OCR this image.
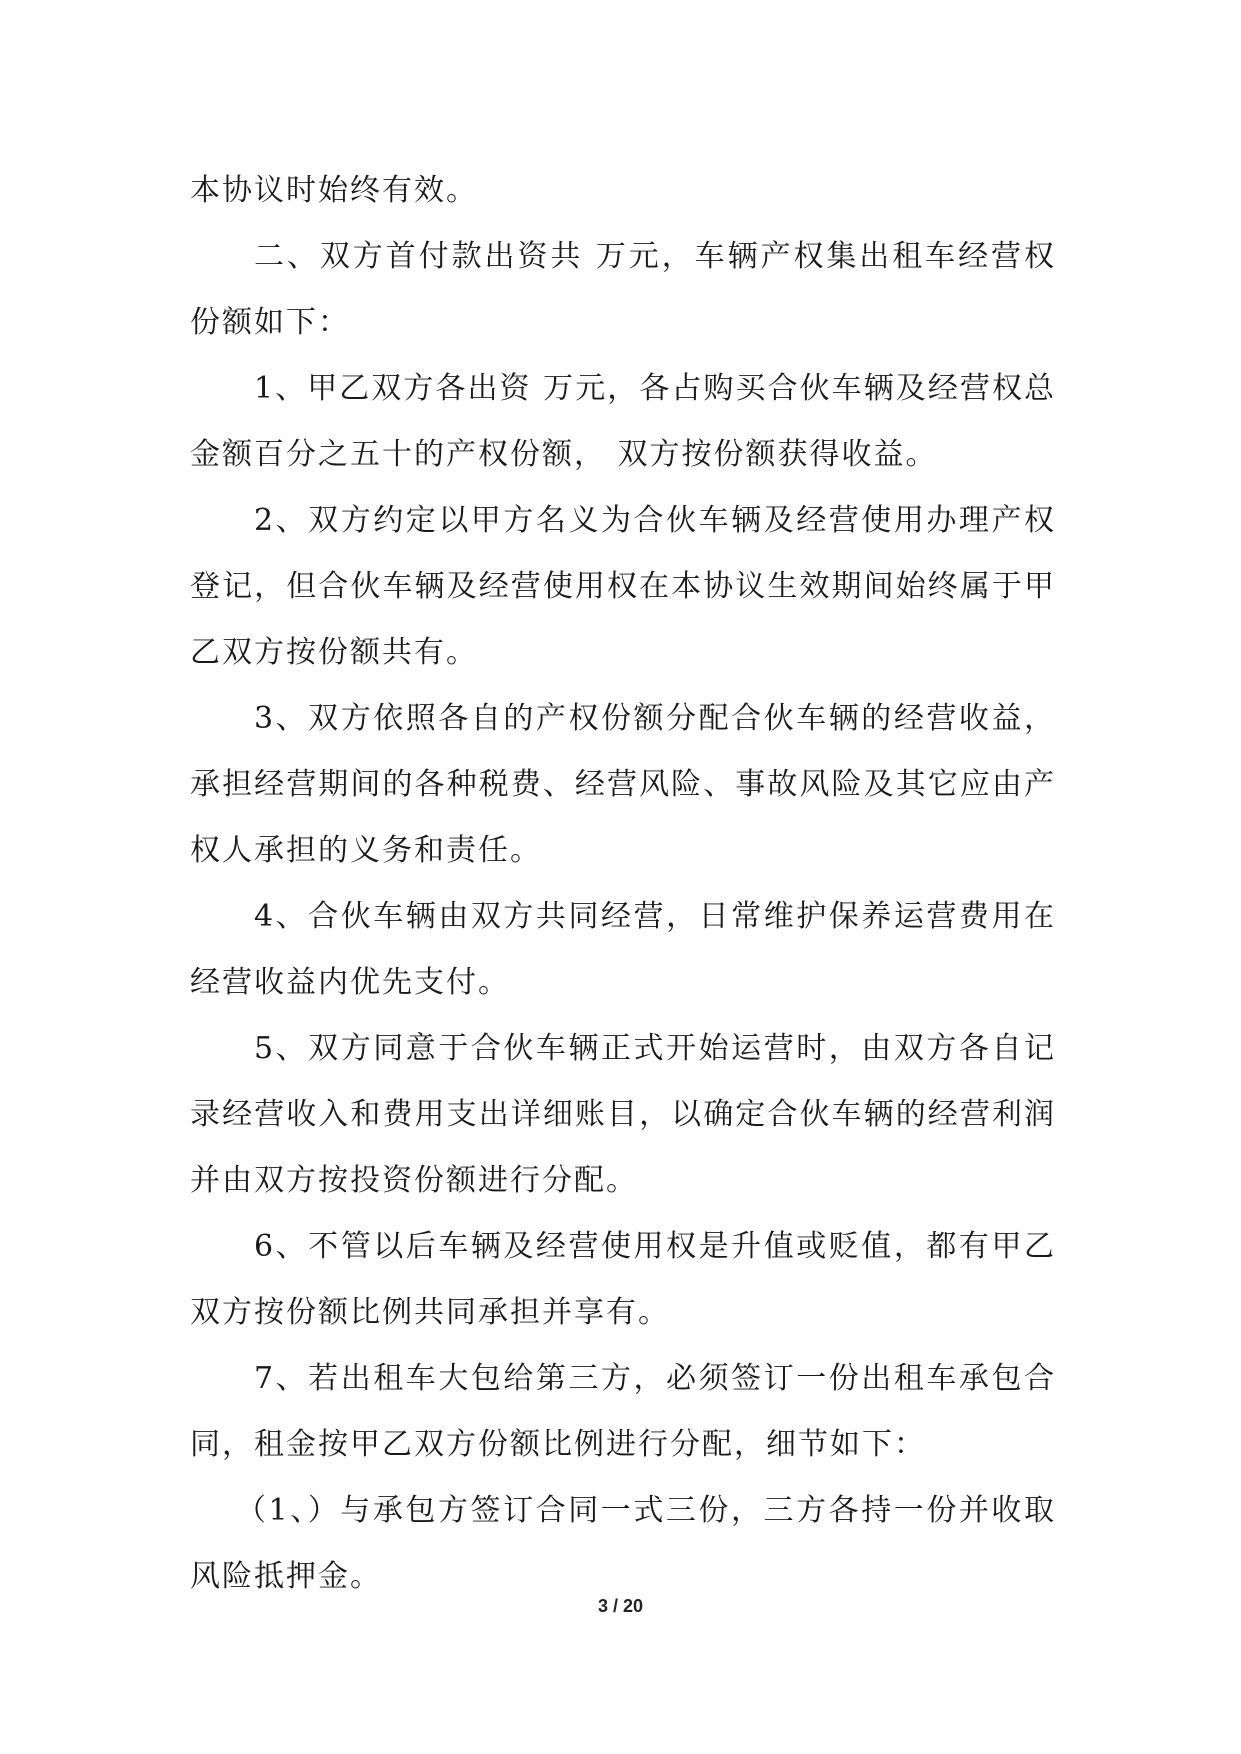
本协议时始终有效。

二、双方首付款出资共 万元，车辆产权集出租车经营权份额如下：

1、甲乙双方各出资 万元，各占购买合伙车辆及经营权总金额百分之五十的产权份额， 双方按份额获得收益。

2、双方约定以甲方名义为合伙车辆及经营使用办理产权登记，但合伙车辆及经营使用权在本协议生效期间始终属于甲乙双方按份额共有。

3、双方依照各自的产权份额分配合伙车辆的经营收益，承担经营期间的各种税费、经营风险、事故风险及其它应由产权人承担的义务和责任。

4、合伙车辆由双方共同经营，日常维护保养运营费用在经营收益内优先支付。

5、双方同意于合伙车辆正式开始运营时，由双方各自记录经营收入和费用支出详细账目，以确定合伙车辆的经营利润并由双方按投资份额进行分配。

6、不管以后车辆及经营使用权是升值或贬值，都有甲乙双方按份额比例共同承担并享有。

7、若出租车大包给第三方，必须签订一份出租车承包合同，租金按甲乙双方份额比例进行分配，细节如下：

（1、）与承包方签订合同一式三份，三方各持一份并收取风险抵押金。

3 / 20
